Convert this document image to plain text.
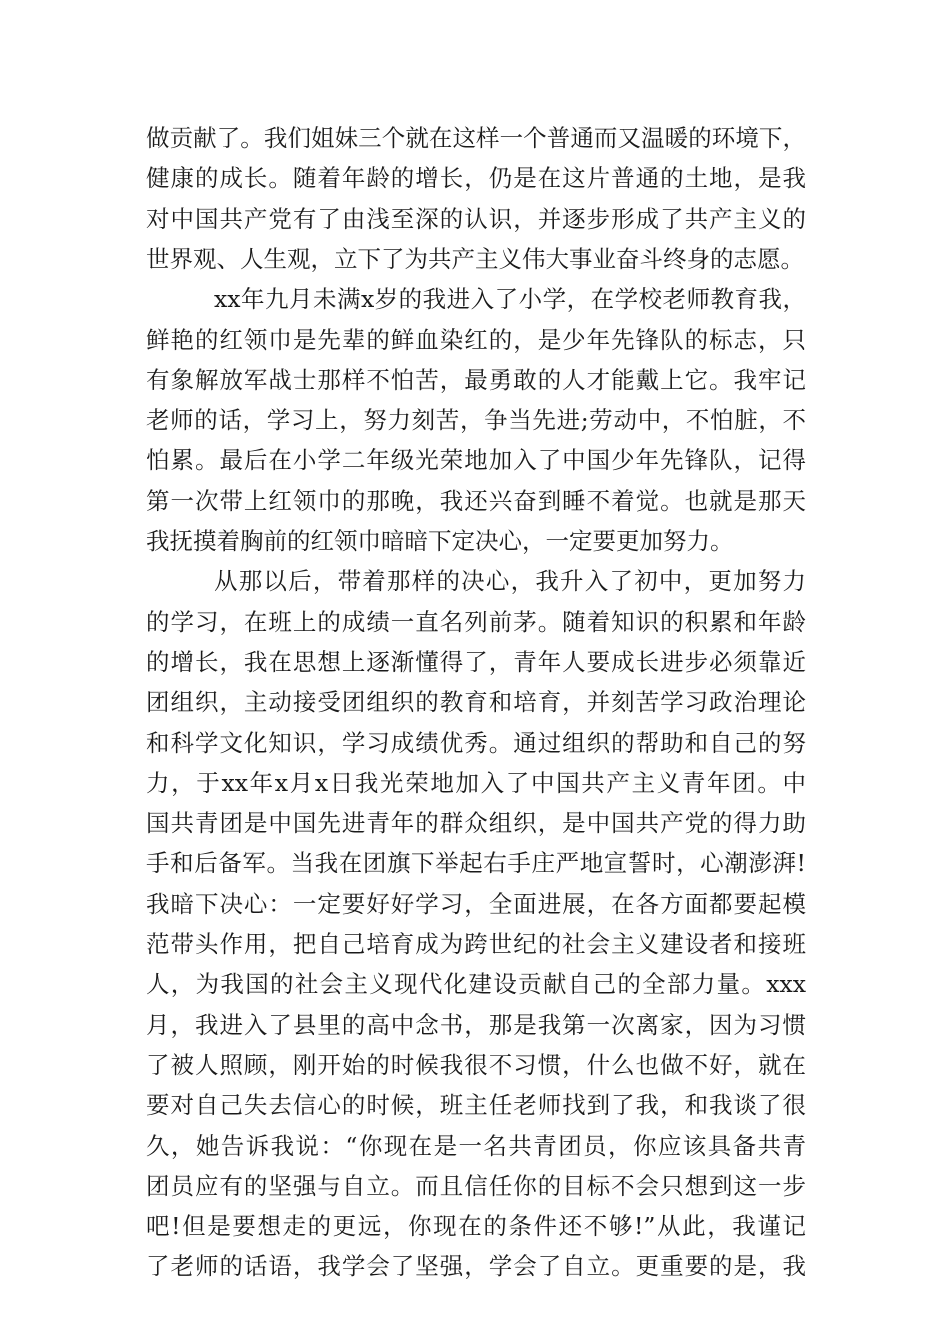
做贡献了。我们姐妹三个就在这样一个普通而又温暖的环境下，
健康的成长。随着年龄的增长，仍是在这片普通的土地，是我
对中国共产党有了由浅至深的认识，并逐步形成了共产主义的
世界观、人生观，立下了为共产主义伟大事业奋斗终身的志愿。
xx年九月未满x岁的我进入了小学，在学校老师教育我，
鲜艳的红领巾是先辈的鲜血染红的，是少年先锋队的标志，只
有象解放军战士那样不怕苦，最勇敢的人才能戴上它。我牢记
老师的话，学习上，努力刻苦，争当先进;劳动中，不怕脏，不
怕累。最后在小学二年级光荣地加入了中国少年先锋队，记得
第一次带上红领巾的那晚，我还兴奋到睡不着觉。也就是那天
我抚摸着胸前的红领巾暗暗下定决心，一定要更加努力。
从那以后，带着那样的决心，我升入了初中，更加努力
的学习，在班上的成绩一直名列前茅。随着知识的积累和年龄
的增长，我在思想上逐渐懂得了，青年人要成长进步必须靠近
团组织，主动接受团组织的教育和培育，并刻苦学习政治理论
和科学文化知识，学习成绩优秀。通过组织的帮助和自己的努
力，于xx年x月x日我光荣地加入了中国共产主义青年团。中
国共青团是中国先进青年的群众组织，是中国共产党的得力助
手和后备军。当我在团旗下举起右手庄严地宣誓时，心潮澎湃!
我暗下决心：一定要好好学习，全面进展，在各方面都要起模
范带头作用，把自己培育成为跨世纪的社会主义建设者和接班
人，为我国的社会主义现代化建设贡献自己的全部力量。xxx
月，我进入了县里的高中念书，那是我第一次离家，因为习惯
了被人照顾，刚开始的时候我很不习惯，什么也做不好，就在
要对自己失去信心的时候，班主任老师找到了我，和我谈了很
久，她告诉我说：“你现在是一名共青团员，你应该具备共青
团员应有的坚强与自立。而且信任你的目标不会只想到这一步
吧!但是要想走的更远，你现在的条件还不够!”从此，我谨记
了老师的话语，我学会了坚强，学会了自立。更重要的是，我
